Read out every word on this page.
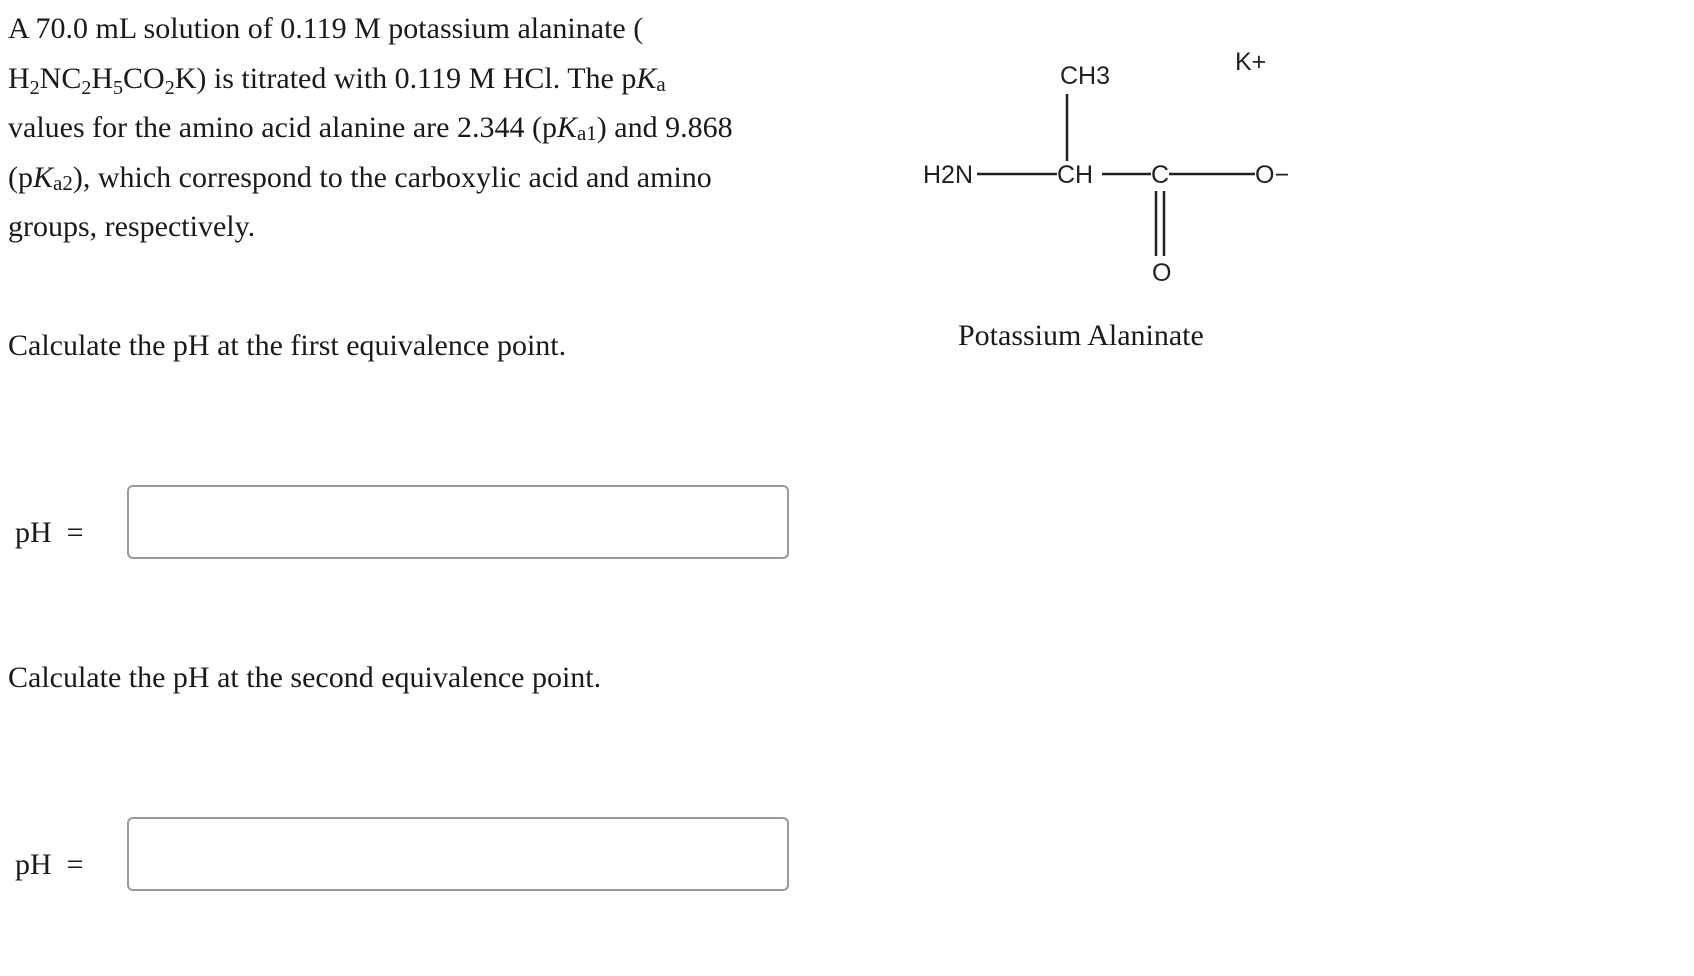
A 70.0 mL solution of 0.119 M potassium alaninate (
$H_2NC_2H_5CO_2K$) is titrated with 0.119 M HCl. The pKa
values for the amino acid alanine are 2.344 (pKa1) and 9.868
(pKa2), which correspond to the carboxylic acid and amino
groups, respectively.
Calculate the pH at the first equivalence point.
pH  =
Calculate the pH at the second equivalence point.
pH  =
CH3	K+
H2N	CH C	O−
O
Potassium Alaninate
